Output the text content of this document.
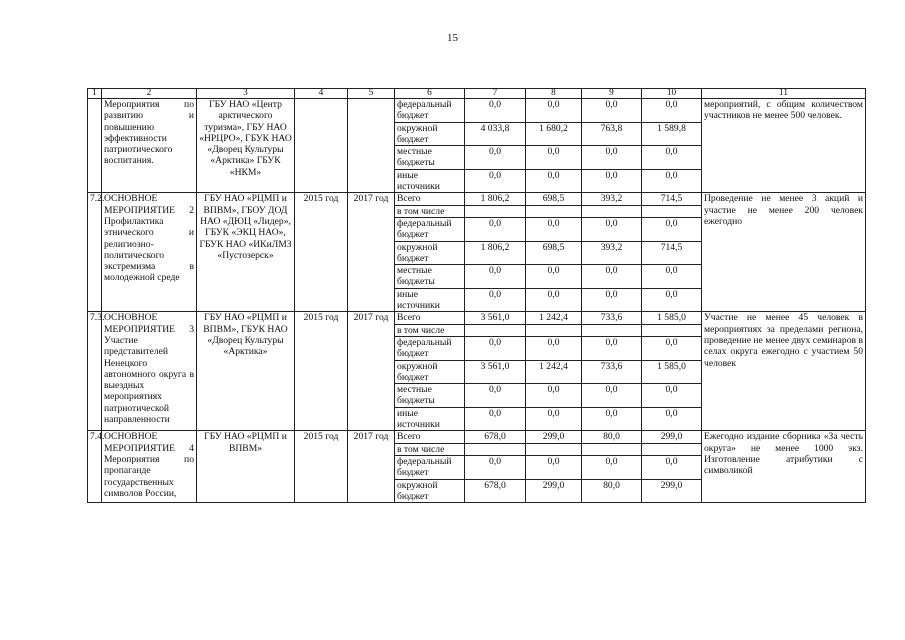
15
1	2	3	4	5	6	7	8	9	10	11
	Мероприятия по развитию и повышению эффективности патриотического воспитания.	ГБУ НАО «Центр арктического туризма», ГБУ НАО «НРЦРО», ГБУК НАО «Дворец Культуры «Арктика» ГБУК «НКМ»			федеральный бюджет	0,0	0,0	0,0	0,0	мероприятий, с общим количеством участников не менее 500 человек.
					окружной бюджет	4 033,8	1 680,2	763,8	1 589,8	
					местные бюджеты	0,0	0,0	0,0	0,0	
					иные источники	0,0	0,0	0,0	0,0	
7.2.	ОСНОВНОЕ МЕРОПРИЯТИЕ 2 Профилактика этнического и религиозно-политического экстремизма в молодежной среде	ГБУ НАО «РЦМП и ВПВМ», ГБОУ ДОД НАО «ДЮЦ «Лидер», ГБУК «ЭКЦ НАО», ГБУК НАО «ИКиЛМЗ «Пустозерск»	2015 год	2017 год	Всего	1 806,2	698,5	393,2	714,5	Проведение не менее 3 акций и участие не менее 200 человек ежегодно
					в том числе					
					федеральный бюджет	0,0	0,0	0,0	0,0	
					окружной бюджет	1 806,2	698,5	393,2	714,5	
					местные бюджеты	0,0	0,0	0,0	0,0	
					иные источники	0,0	0,0	0,0	0,0	
7.3.	ОСНОВНОЕ МЕРОПРИЯТИЕ 3 Участие представителей Ненецкого автономного округа в выездных мероприятиях патриотической направленности	ГБУ НАО «РЦМП и ВПВМ», ГБУК НАО «Дворец Культуры «Арктика»	2015 год	2017 год	Всего	3 561,0	1 242,4	733,6	1 585,0	Участие не менее 45 человек в мероприятиях за пределами региона, проведение не менее двух семинаров в селах округа ежегодно с участием 50 человек
					в том числе					
					федеральный бюджет	0,0	0,0	0,0	0,0	
					окружной бюджет	3 561,0	1 242,4	733,6	1 585,0	
					местные бюджеты	0,0	0,0	0,0	0,0	
					иные источники	0,0	0,0	0,0	0,0	
7.4.	ОСНОВНОЕ МЕРОПРИЯТИЕ 4 Мероприятия по пропаганде государственных символов России,	ГБУ НАО «РЦМП и ВПВМ»	2015 год	2017 год	Всего	678,0	299,0	80,0	299,0	Ежегодно издание сборника «За честь округа» не менее 1000 экз. Изготовление атрибутики с символикой
					в том числе					
					федеральный бюджет	0,0	0,0	0,0	0,0	
					окружной бюджет	678,0	299,0	80,0	299,0	
